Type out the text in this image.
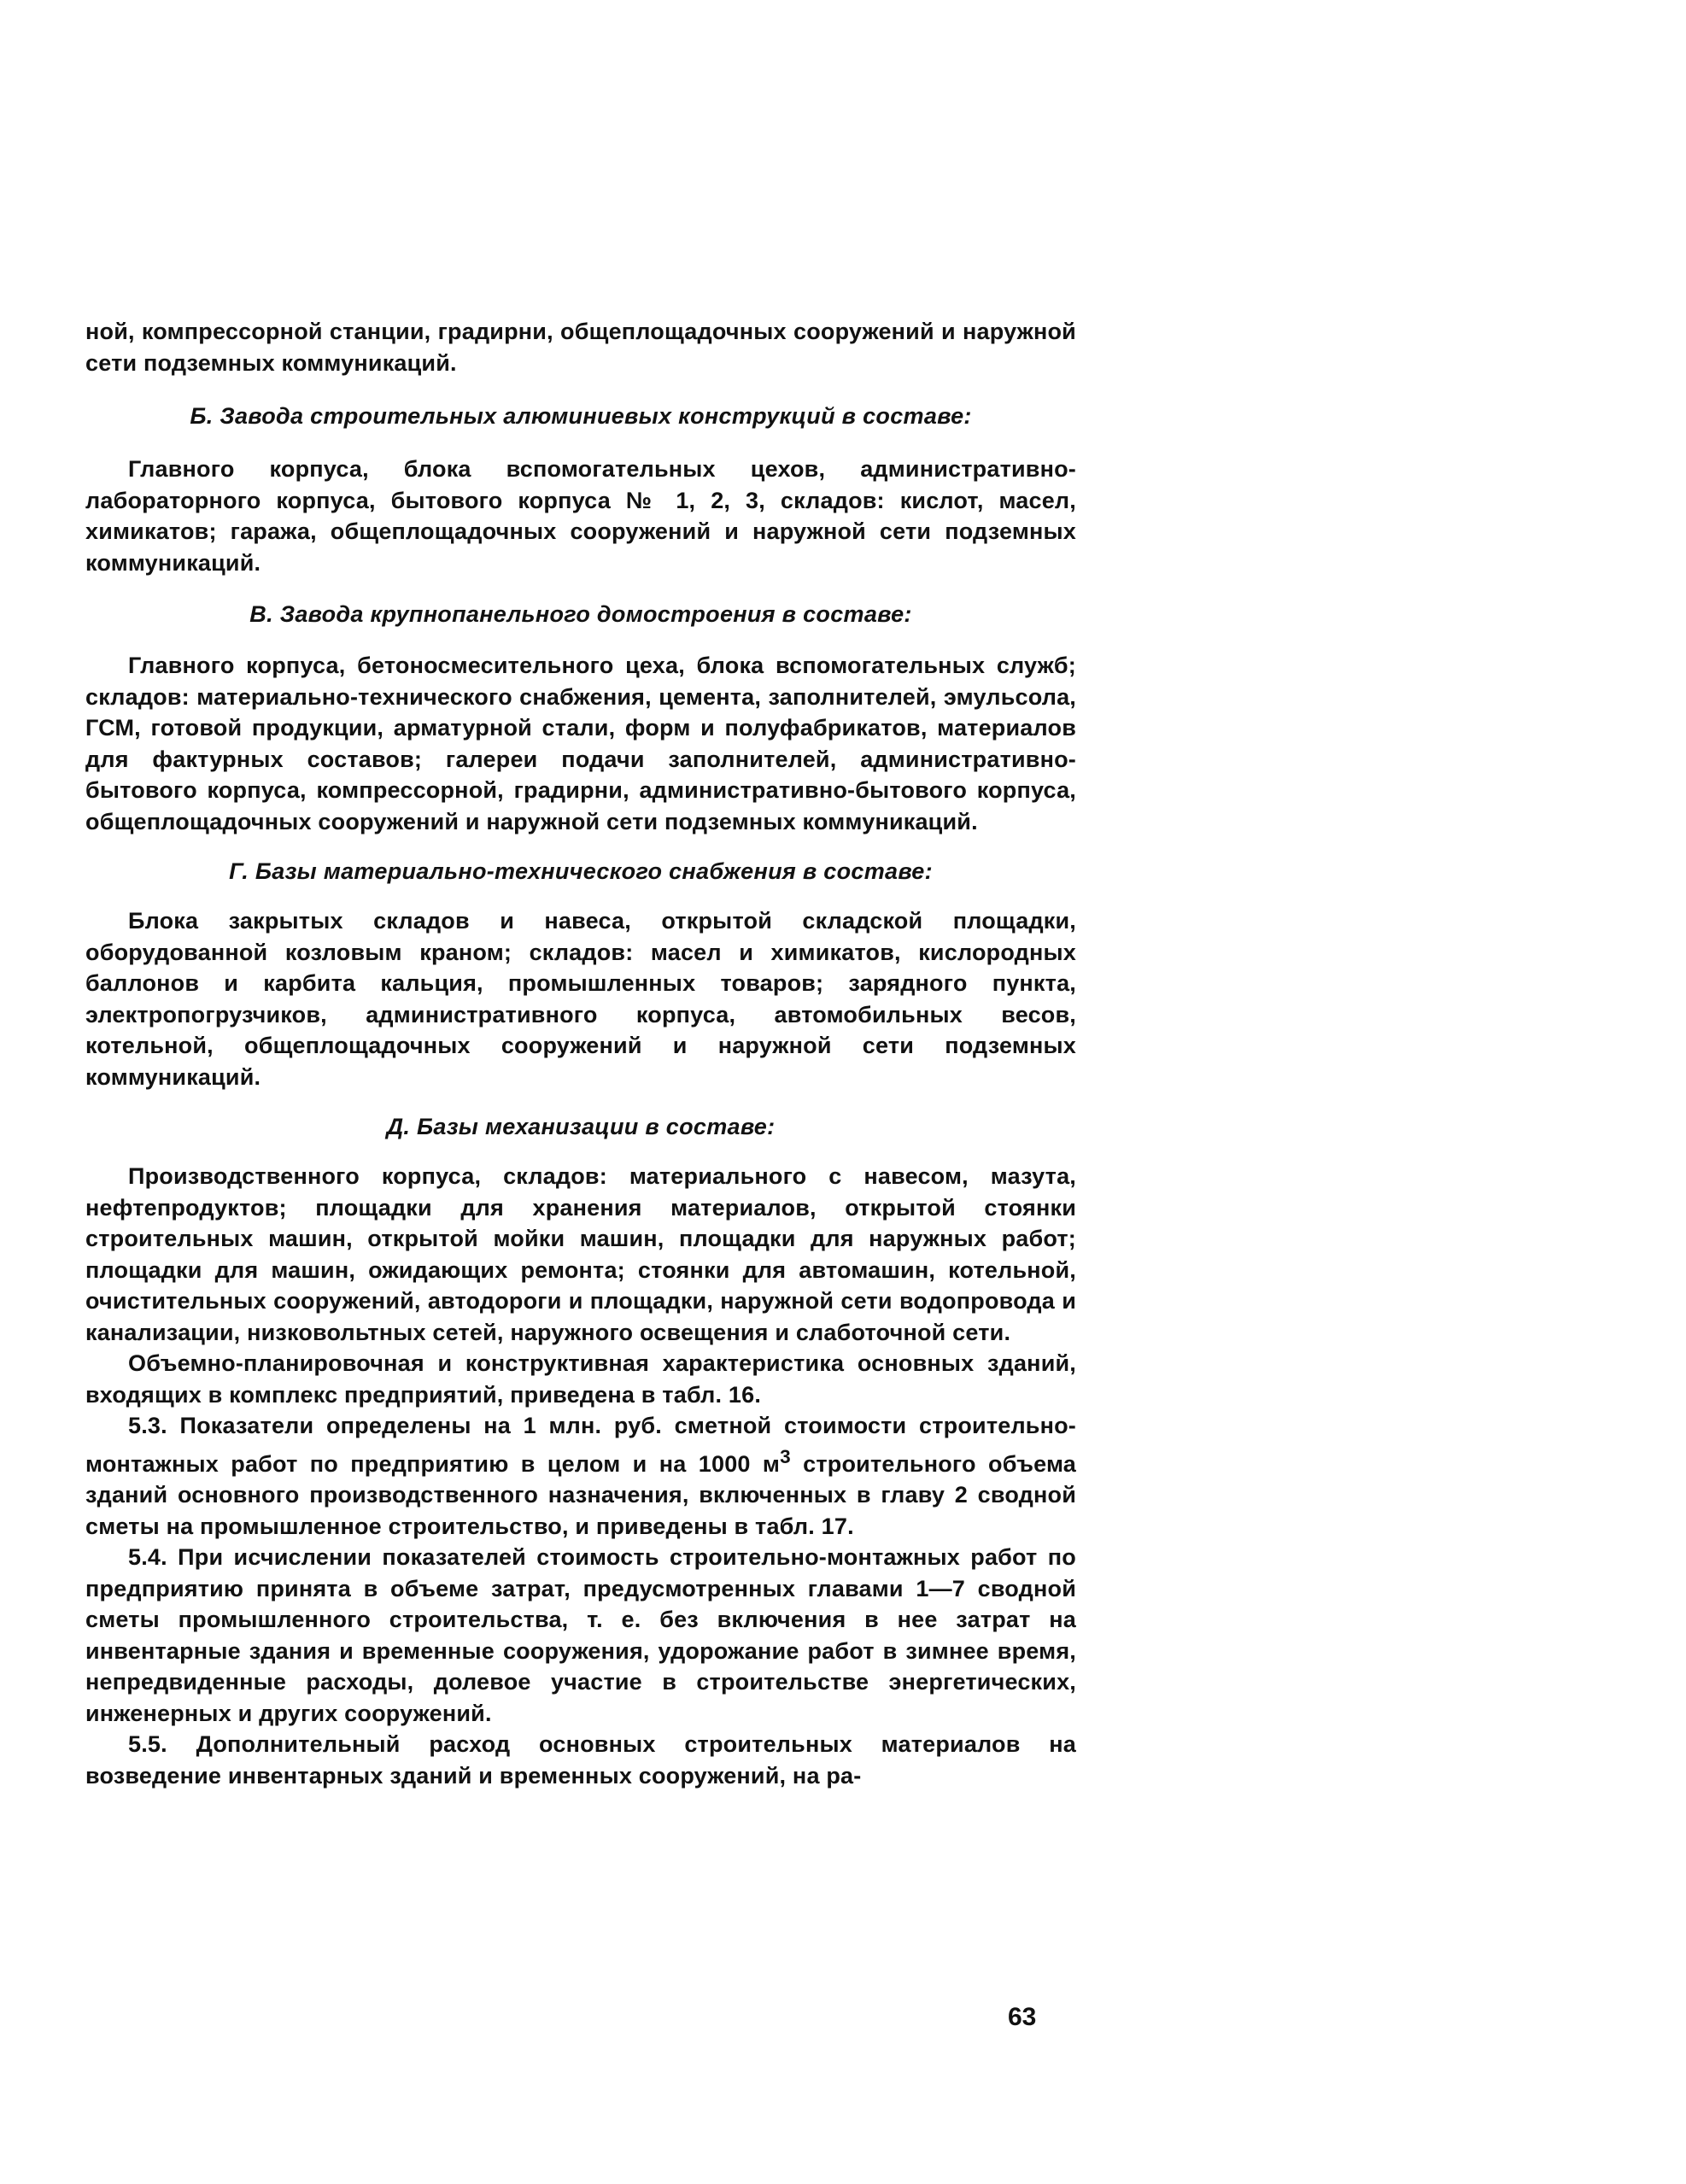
ной, компрессорной станции, градирни, общеплощадочных сооружений и наружной сети подземных коммуникаций.

Б. Завода строительных алюминиевых конструкций в составе:

Главного корпуса, блока вспомогательных цехов, административно-лабораторного корпуса, бытового корпуса № 1, 2, 3, складов: кислот, масел, химикатов; гаража, общеплощадочных сооружений и наружной сети подземных коммуникаций.

В. Завода крупнопанельного домостроения в составе:

Главного корпуса, бетоносмесительного цеха, блока вспомогательных служб; складов: материально-технического снабжения, цемента, заполнителей, эмульсола, ГСМ, готовой продукции, арматурной стали, форм и полуфабрикатов, материалов для фактурных составов; галереи подачи заполнителей, административно-бытового корпуса, компрессорной, градирни, административно-бытового корпуса, общеплощадочных сооружений и наружной сети подземных коммуникаций.

Г. Базы материально-технического снабжения в составе:

Блока закрытых складов и навеса, открытой складской площадки, оборудованной козловым краном; складов: масел и химикатов, кислородных баллонов и карбита кальция, промышленных товаров; зарядного пункта, электропогрузчиков, административного корпуса, автомобильных весов, котельной, общеплощадочных сооружений и наружной сети подземных коммуникаций.

Д. Базы механизации в составе:

Производственного корпуса, складов: материального с навесом, мазута, нефтепродуктов; площадки для хранения материалов, открытой стоянки строительных машин, открытой мойки машин, площадки для наружных работ; площадки для машин, ожидающих ремонта; стоянки для автомашин, котельной, очистительных сооружений, автодороги и площадки, наружной сети водопровода и канализации, низковольтных сетей, наружного освещения и слаботочной сети.

Объемно-планировочная и конструктивная характеристика основных зданий, входящих в комплекс предприятий, приведена в табл. 16.

5.3. Показатели определены на 1 млн. руб. сметной стоимости строительно-монтажных работ по предприятию в целом и на 1000 $м^3$ строительного объема зданий основного производственного назначения, включенных в главу 2 сводной сметы на промышленное строительство, и приведены в табл. 17.

5.4. При исчислении показателей стоимость строительно-монтажных работ по предприятию принята в объеме затрат, предусмотренных главами 1—7 сводной сметы промышленного строительства, т. е. без включения в нее затрат на инвентарные здания и временные сооружения, удорожание работ в зимнее время, непредвиденные расходы, долевое участие в строительстве энергетических, инженерных и других сооружений.

5.5. Дополнительный расход основных строительных материалов на возведение инвентарных зданий и временных сооружений, на ра-

63
